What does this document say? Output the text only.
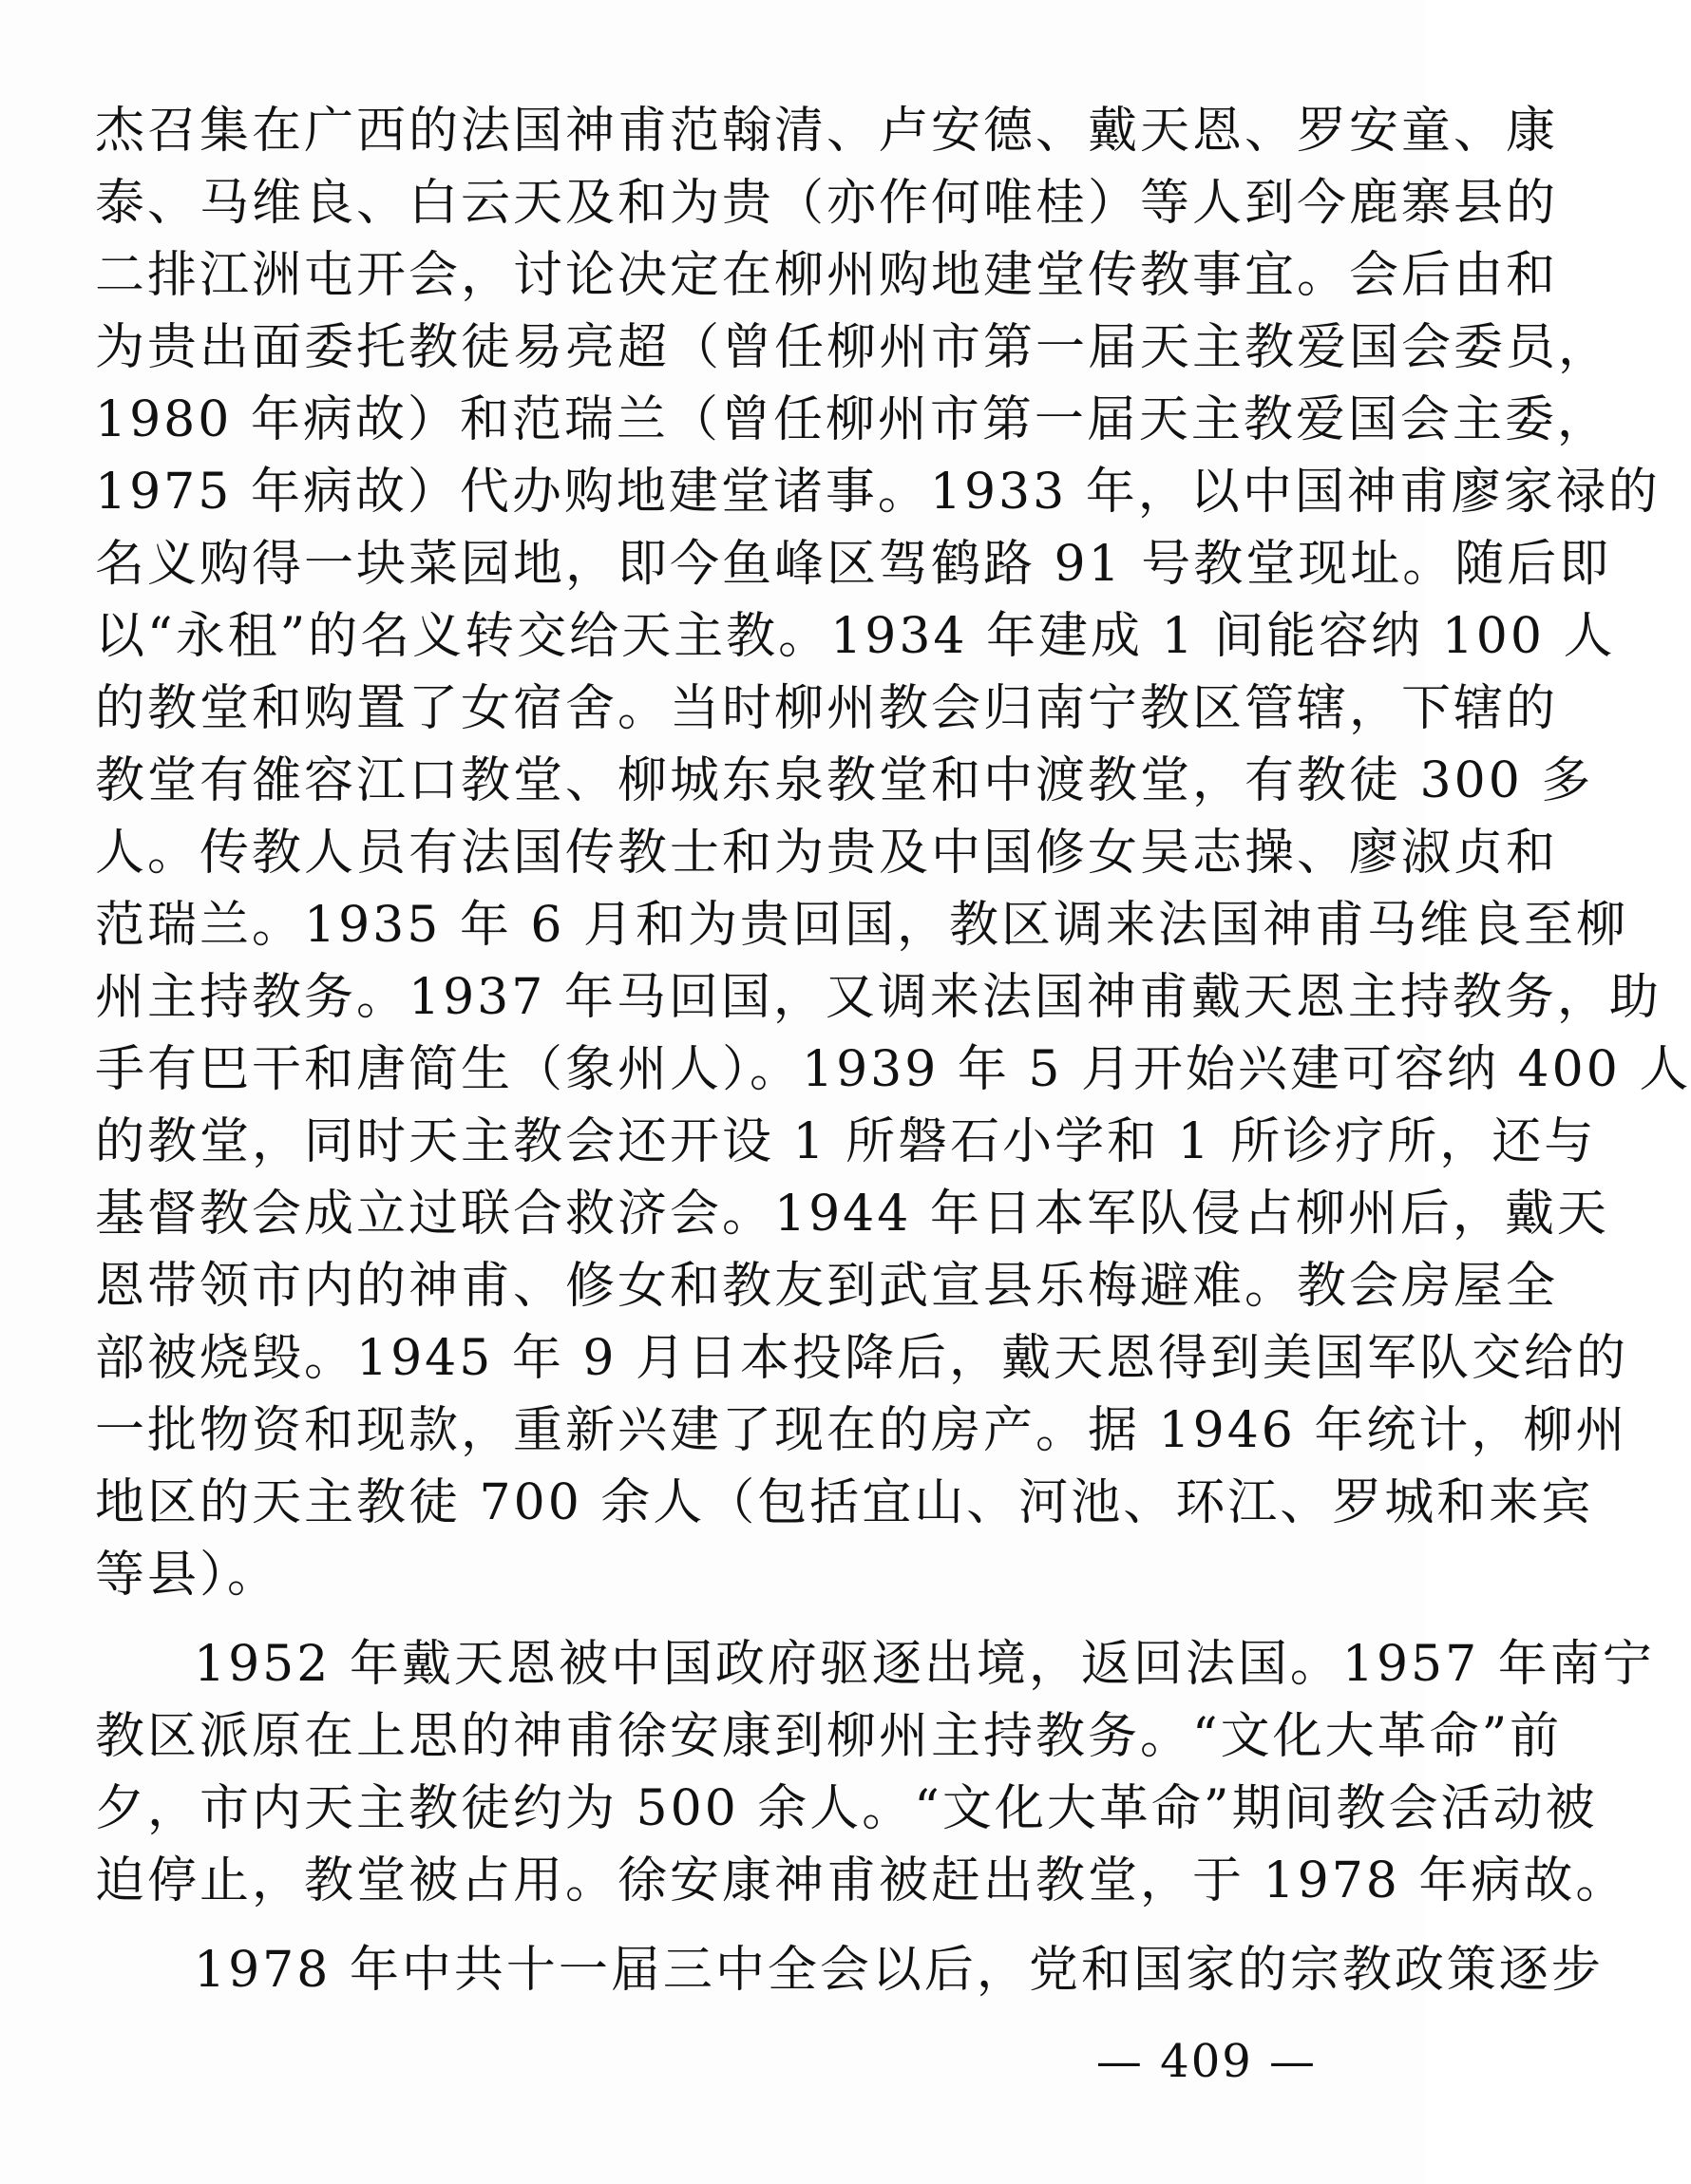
杰召集在广西的法国神甫范翰清、卢安德、戴天恩、罗安童、康
泰、马维良、白云天及和为贵（亦作何唯桂）等人到今鹿寨县的
二排江洲屯开会，讨论决定在柳州购地建堂传教事宜。会后由和
为贵出面委托教徒易亮超（曾任柳州市第一届天主教爱国会委员，
1980 年病故）和范瑞兰（曾任柳州市第一届天主教爱国会主委，
1975 年病故）代办购地建堂诸事。1933 年，以中国神甫廖家禄的
名义购得一块菜园地，即今鱼峰区驾鹤路 91 号教堂现址。随后即
以“永租”的名义转交给天主教。1934 年建成 1 间能容纳 100 人
的教堂和购置了女宿舍。当时柳州教会归南宁教区管辖，下辖的
教堂有雒容江口教堂、柳城东泉教堂和中渡教堂，有教徒 300 多
人。传教人员有法国传教士和为贵及中国修女吴志操、廖淑贞和
范瑞兰。1935 年 6 月和为贵回国，教区调来法国神甫马维良至柳
州主持教务。1937 年马回国，又调来法国神甫戴天恩主持教务，助
手有巴干和唐简生（象州人）。1939 年 5 月开始兴建可容纳 400 人
的教堂，同时天主教会还开设 1 所磐石小学和 1 所诊疗所，还与
基督教会成立过联合救济会。1944 年日本军队侵占柳州后，戴天
恩带领市内的神甫、修女和教友到武宣县乐梅避难。教会房屋全
部被烧毁。1945 年 9 月日本投降后，戴天恩得到美国军队交给的
一批物资和现款，重新兴建了现在的房产。据 1946 年统计，柳州
地区的天主教徒 700 余人（包括宜山、河池、环江、罗城和来宾
等县）。
1952 年戴天恩被中国政府驱逐出境，返回法国。1957 年南宁
教区派原在上思的神甫徐安康到柳州主持教务。“文化大革命”前
夕，市内天主教徒约为 500 余人。“文化大革命”期间教会活动被
迫停止，教堂被占用。徐安康神甫被赶出教堂，于 1978 年病故。
1978 年中共十一届三中全会以后，党和国家的宗教政策逐步
— 409 —
